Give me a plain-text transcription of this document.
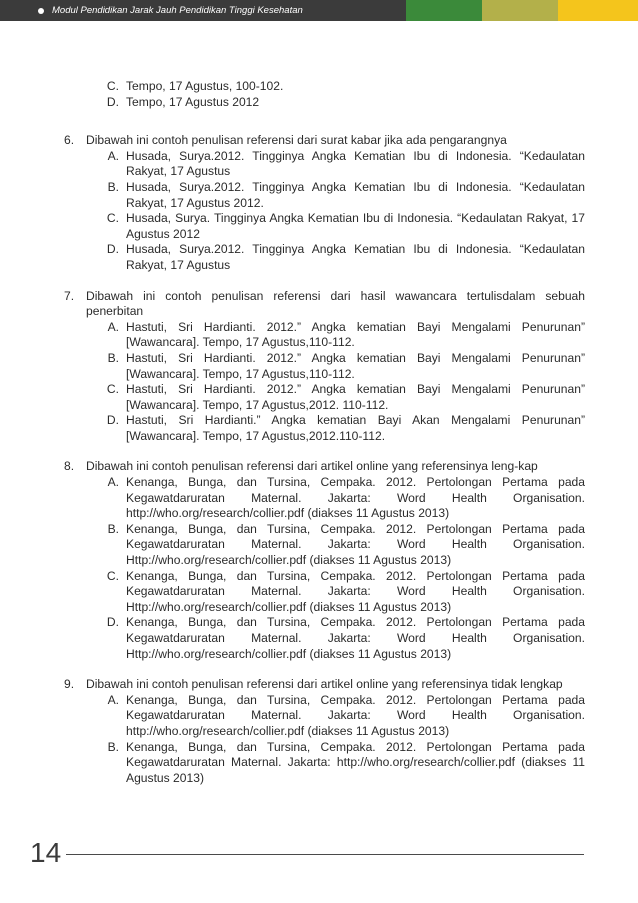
Modul Pendidikan Jarak Jauh Pendidikan Tinggi Kesehatan
C. Tempo, 17 Agustus, 100-102.
D. Tempo, 17 Agustus 2012
6. Dibawah ini contoh penulisan referensi dari surat kabar jika ada pengarangnya
A. Husada, Surya.2012. Tingginya Angka Kematian Ibu di Indonesia. “Kedaulatan Rakyat, 17 Agustus
B. Husada, Surya.2012. Tingginya Angka Kematian Ibu di Indonesia. “Kedaulatan Rakyat, 17 Agustus 2012.
C. Husada, Surya. Tingginya Angka Kematian Ibu di Indonesia. “Kedaulatan Rakyat, 17 Agustus 2012
D. Husada, Surya.2012. Tingginya Angka Kematian Ibu di Indonesia. “Kedaulatan Rakyat, 17 Agustus
7. Dibawah ini contoh penulisan referensi dari hasil wawancara tertulisdalam sebuah penerbitan
A. Hastuti, Sri Hardianti. 2012.” Angka kematian Bayi Mengalami Penurunan” [Wawancara]. Tempo, 17 Agustus,110-112.
B. Hastuti, Sri Hardianti. 2012.” Angka kematian Bayi Mengalami Penurunan” [Wawancara]. Tempo, 17 Agustus,110-112.
C. Hastuti, Sri Hardianti. 2012.” Angka kematian Bayi Mengalami Penurunan” [Wawancara]. Tempo, 17 Agustus,2012. 110-112.
D. Hastuti, Sri Hardianti.” Angka kematian Bayi Akan Mengalami Penurunan” [Wawancara]. Tempo, 17 Agustus,2012.110-112.
8. Dibawah ini contoh penulisan referensi dari artikel online yang referensinya leng-kap
A. Kenanga, Bunga, dan Tursina, Cempaka. 2012. Pertolongan Pertama pada Kegawatdaruratan Maternal. Jakarta: Word Health Organisation. http://who.org/research/collier.pdf (diakses 11 Agustus 2013)
B. Kenanga, Bunga, dan Tursina, Cempaka. 2012. Pertolongan Pertama pada Kegawatdaruratan Maternal. Jakarta: Word Health Organisation. Http://who.org/research/collier.pdf (diakses 11 Agustus 2013)
C. Kenanga, Bunga, dan Tursina, Cempaka. 2012. Pertolongan Pertama pada Kegawatdaruratan Maternal. Jakarta: Word Health Organisation. Http://who.org/research/collier.pdf (diakses 11 Agustus 2013)
D. Kenanga, Bunga, dan Tursina, Cempaka. 2012. Pertolongan Pertama pada Kegawatdaruratan Maternal. Jakarta: Word Health Organisation. Http://who.org/research/collier.pdf (diakses 11 Agustus 2013)
9. Dibawah ini contoh penulisan referensi dari artikel online yang referensinya tidak lengkap
A. Kenanga, Bunga, dan Tursina, Cempaka. 2012. Pertolongan Pertama pada Kegawatdaruratan Maternal. Jakarta: Word Health Organisation. http://who.org/research/collier.pdf (diakses 11 Agustus 2013)
B. Kenanga, Bunga, dan Tursina, Cempaka. 2012. Pertolongan Pertama pada Kegawatdaruratan Maternal. Jakarta: http://who.org/research/collier.pdf (diakses 11 Agustus 2013)
14
